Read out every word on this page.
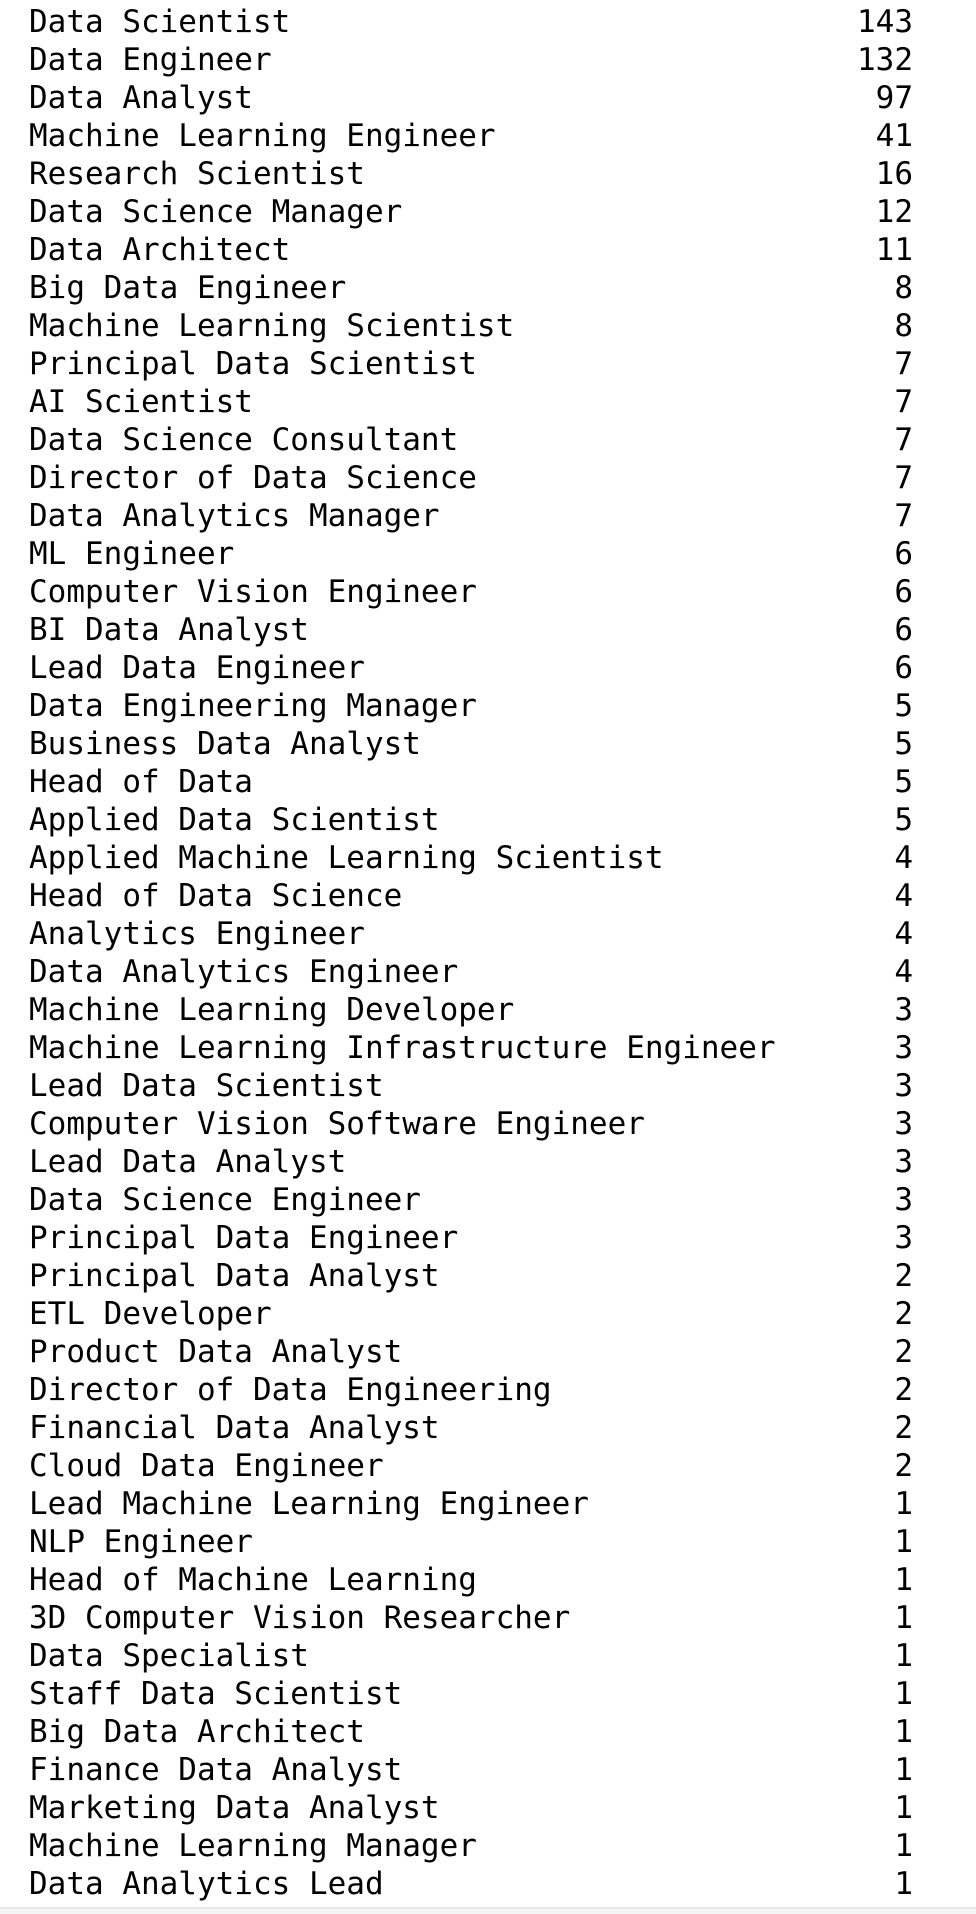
Data Scientist	143
Data Engineer	132
Data Analyst	97
Machine Learning Engineer	41
Research Scientist	16
Data Science Manager	12
Data Architect	11
Big Data Engineer	8
Machine Learning Scientist	8
Principal Data Scientist	7
AI Scientist	7
Data Science Consultant	7
Director of Data Science	7
Data Analytics Manager	7
ML Engineer	6
Computer Vision Engineer	6
BI Data Analyst	6
Lead Data Engineer	6
Data Engineering Manager	5
Business Data Analyst	5
Head of Data	5
Applied Data Scientist	5
Applied Machine Learning Scientist	4
Head of Data Science	4
Analytics Engineer	4
Data Analytics Engineer	4
Machine Learning Developer	3
Machine Learning Infrastructure Engineer	3
Lead Data Scientist	3
Computer Vision Software Engineer	3
Lead Data Analyst	3
Data Science Engineer	3
Principal Data Engineer	3
Principal Data Analyst	2
ETL Developer	2
Product Data Analyst	2
Director of Data Engineering	2
Financial Data Analyst	2
Cloud Data Engineer	2
Lead Machine Learning Engineer	1
NLP Engineer	1
Head of Machine Learning	1
3D Computer Vision Researcher	1
Data Specialist	1
Staff Data Scientist	1
Big Data Architect	1
Finance Data Analyst	1
Marketing Data Analyst	1
Machine Learning Manager	1
Data Analytics Lead	1
